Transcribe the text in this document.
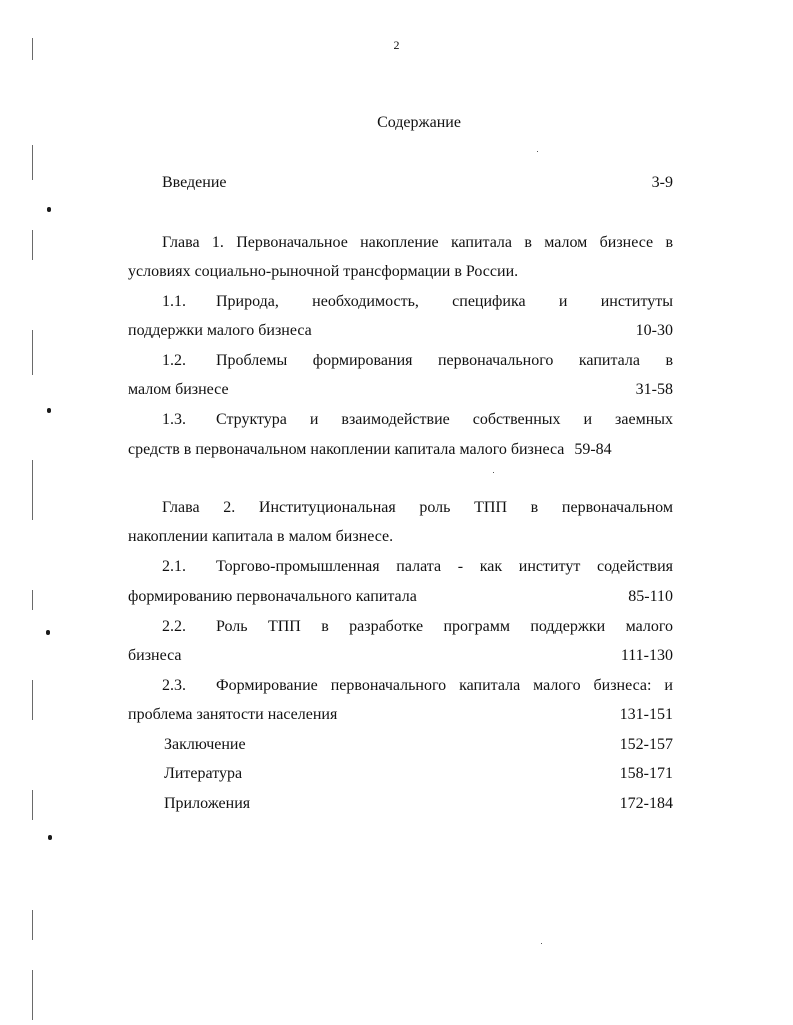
2
Содержание
Введение	3-9
Глава 1. Первоначальное накопление капитала в малом бизнесе в
условиях социально-рыночной трансформации в России.
1.1. Природа, необходимость, специфика и институты
поддержки малого бизнеса	10-30
1.2. Проблемы формирования первоначального капитала в
малом бизнесе	31-58
1.3. Структура и взаимодействие собственных и заемных
средств в первоначальном накоплении капитала малого бизнеса 59-84
Глава 2. Институциональная роль ТПП в первоначальном
накоплении капитала в малом бизнесе.
2.1. Торгово-промышленная палата - как институт содействия
формированию первоначального капитала	85-110
2.2. Роль ТПП в разработке программ поддержки малого
бизнеса	111-130
2.3. Формирование первоначального капитала малого бизнеса: и
проблема занятости населения	131-151
Заключение	152-157
Литература	158-171
Приложения	172-184
